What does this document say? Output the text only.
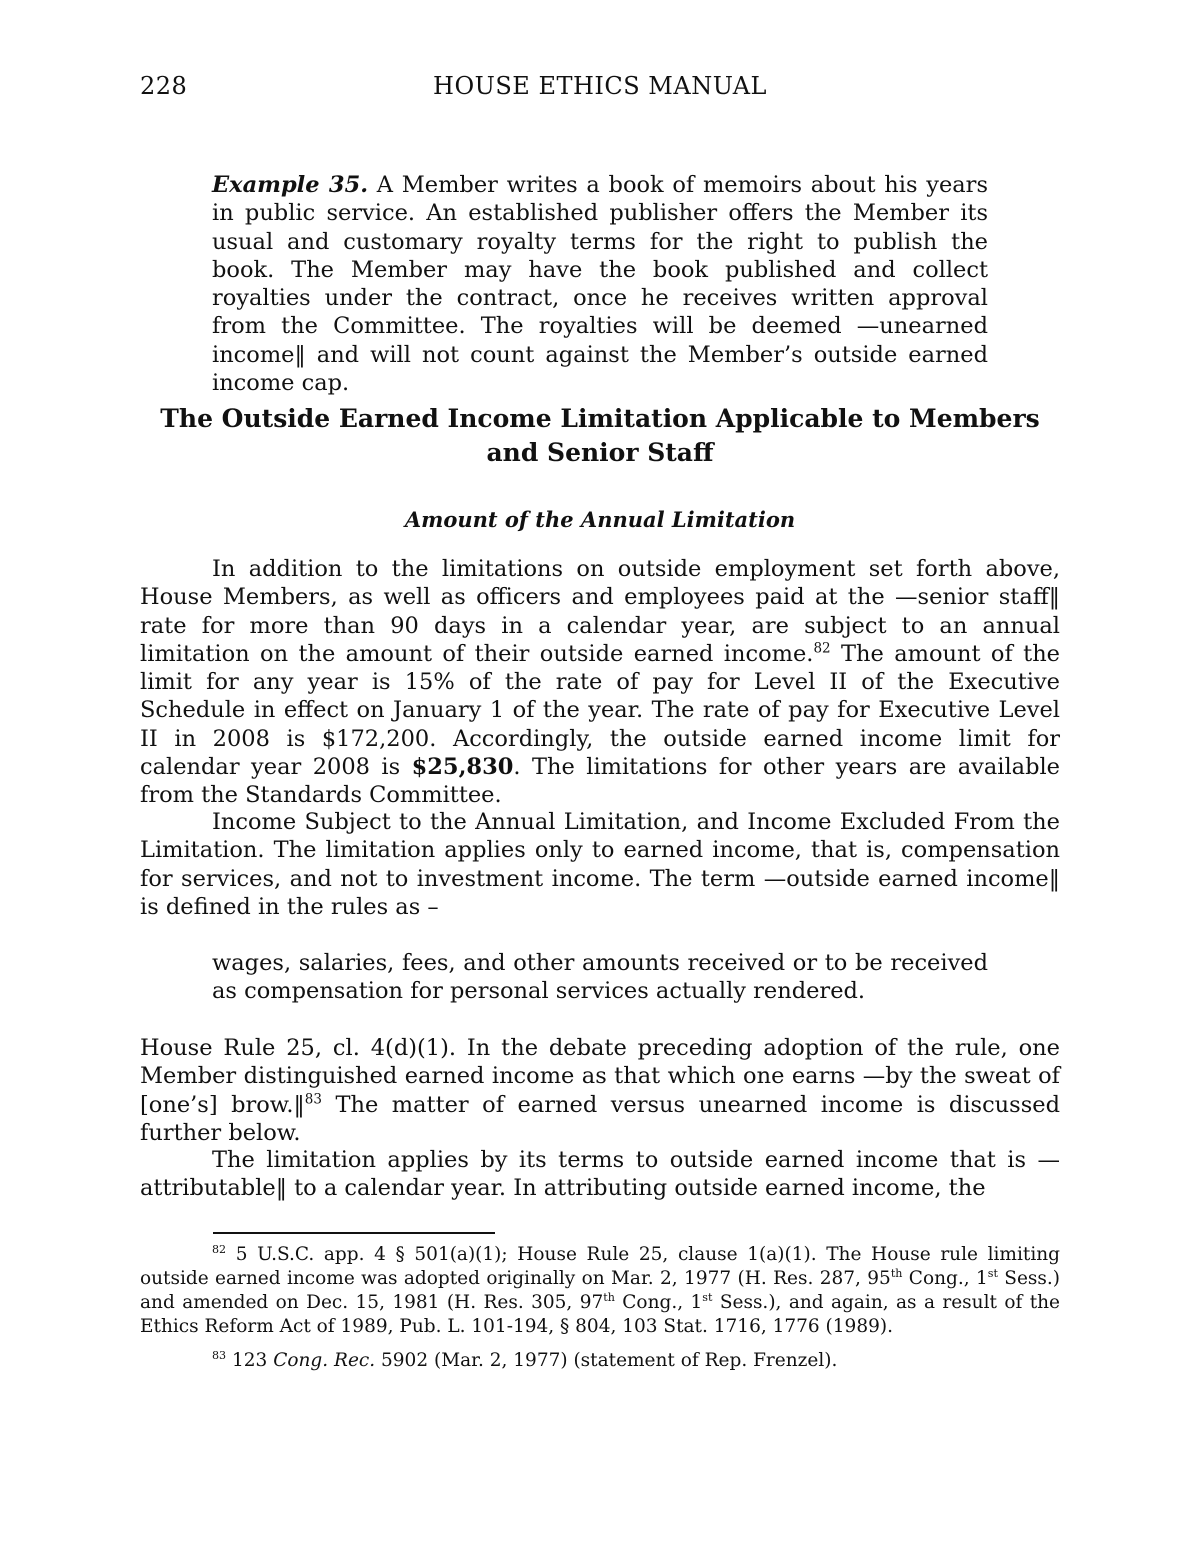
HOUSE ETHICS MANUAL
228
Example 35. A Member writes a book of memoirs about his years in public service. An established publisher offers the Member its usual and customary royalty terms for the right to publish the book. The Member may have the book published and collect royalties under the contract, once he receives written approval from the Committee. The royalties will be deemed —unearned income‖ and will not count against the Member’s outside earned income cap.
The Outside Earned Income Limitation Applicable to Members and Senior Staff
Amount of the Annual Limitation
In addition to the limitations on outside employment set forth above, House Members, as well as officers and employees paid at the —senior staff‖ rate for more than 90 days in a calendar year, are subject to an annual limitation on the amount of their outside earned income.$^{82}$ The amount of the limit for any year is 15% of the rate of pay for Level II of the Executive Schedule in effect on January 1 of the year. The rate of pay for Executive Level II in 2008 is $172,200. Accordingly, the outside earned income limit for calendar year 2008 is $25,830. The limitations for other years are available from the Standards Committee.
Income Subject to the Annual Limitation, and Income Excluded From the Limitation. The limitation applies only to earned income, that is, compensation for services, and not to investment income. The term —outside earned income‖ is defined in the rules as –
wages, salaries, fees, and other amounts received or to be received as compensation for personal services actually rendered.
House Rule 25, cl. 4(d)(1). In the debate preceding adoption of the rule, one Member distinguished earned income as that which one earns —by the sweat of [one’s] brow.‖$^{83}$ The matter of earned versus unearned income is discussed further below.
The limitation applies by its terms to outside earned income that is —attributable‖ to a calendar year. In attributing outside earned income, the
$^{82}$ 5 U.S.C. app. 4 § 501(a)(1); House Rule 25, clause 1(a)(1). The House rule limiting outside earned income was adopted originally on Mar. 2, 1977 (H. Res. 287, 95th Cong., 1st Sess.) and amended on Dec. 15, 1981 (H. Res. 305, 97th Cong., 1st Sess.), and again, as a result of the Ethics Reform Act of 1989, Pub. L. 101-194, § 804, 103 Stat. 1716, 1776 (1989).
$^{83}$ 123 Cong. Rec. 5902 (Mar. 2, 1977) (statement of Rep. Frenzel).
